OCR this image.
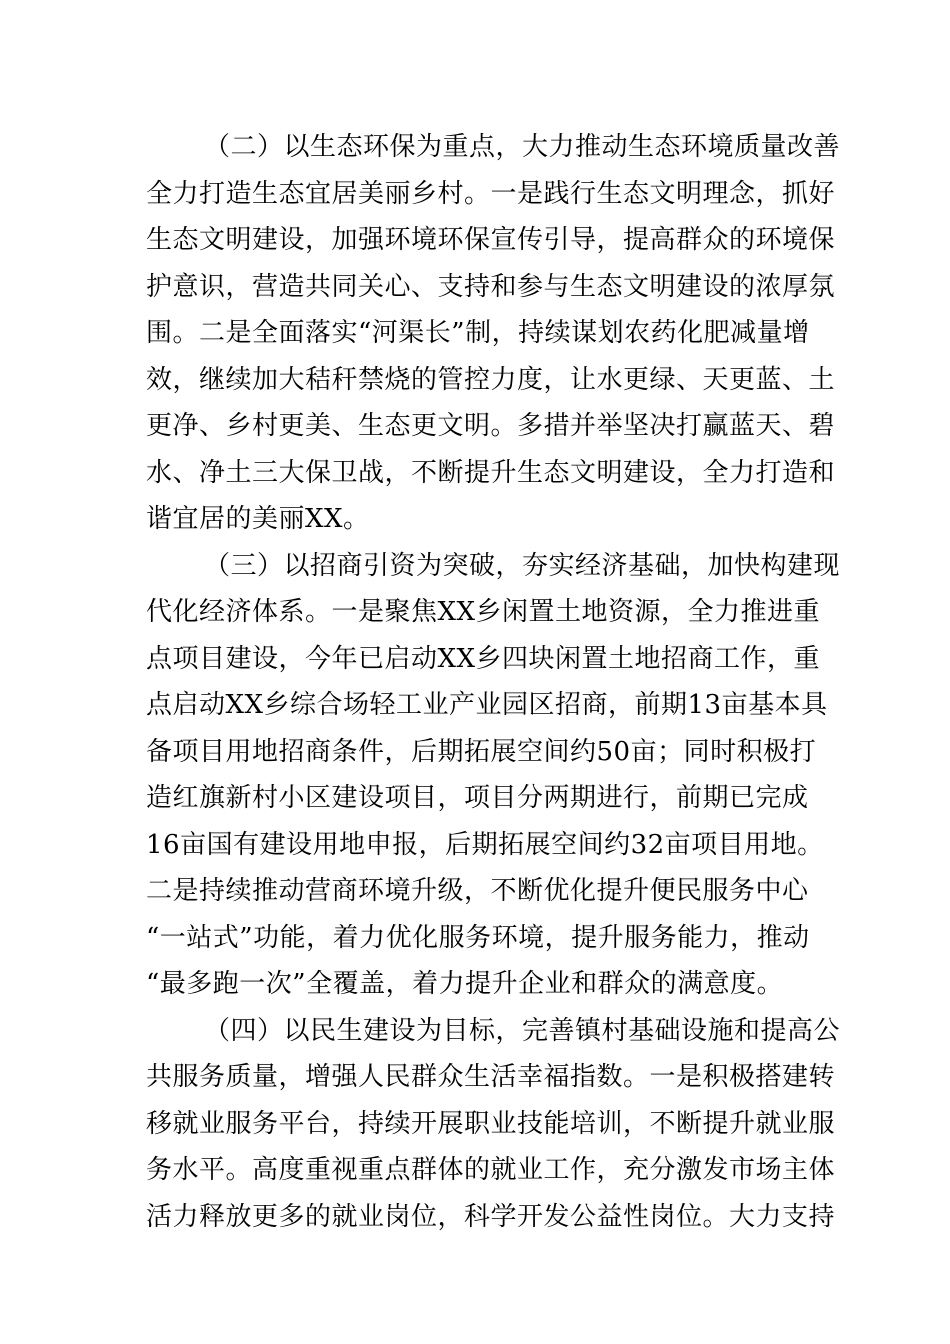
（二）以生态环保为重点，大力推动生态环境质量改善
全力打造生态宜居美丽乡村。一是践行生态文明理念，抓好
生态文明建设，加强环境环保宣传引导，提高群众的环境保
护意识，营造共同关心、支持和参与生态文明建设的浓厚氛
围。二是全面落实“河渠长”制，持续谋划农药化肥减量增
效，继续加大秸秆禁烧的管控力度，让水更绿、天更蓝、土
更净、乡村更美、生态更文明。多措并举坚决打赢蓝天、碧
水、净土三大保卫战，不断提升生态文明建设，全力打造和
谐宜居的美丽XX。
（三）以招商引资为突破，夯实经济基础，加快构建现
代化经济体系。一是聚焦XX乡闲置土地资源，全力推进重
点项目建设，今年已启动XX乡四块闲置土地招商工作，重
点启动XX乡综合场轻工业产业园区招商，前期13亩基本具
备项目用地招商条件，后期拓展空间约50亩；同时积极打
造红旗新村小区建设项目，项目分两期进行，前期已完成
16亩国有建设用地申报，后期拓展空间约32亩项目用地。
二是持续推动营商环境升级，不断优化提升便民服务中心
“一站式”功能，着力优化服务环境，提升服务能力，推动
“最多跑一次”全覆盖，着力提升企业和群众的满意度。
（四）以民生建设为目标，完善镇村基础设施和提高公
共服务质量，增强人民群众生活幸福指数。一是积极搭建转
移就业服务平台，持续开展职业技能培训，不断提升就业服
务水平。高度重视重点群体的就业工作，充分激发市场主体
活力释放更多的就业岗位，科学开发公益性岗位。大力支持
